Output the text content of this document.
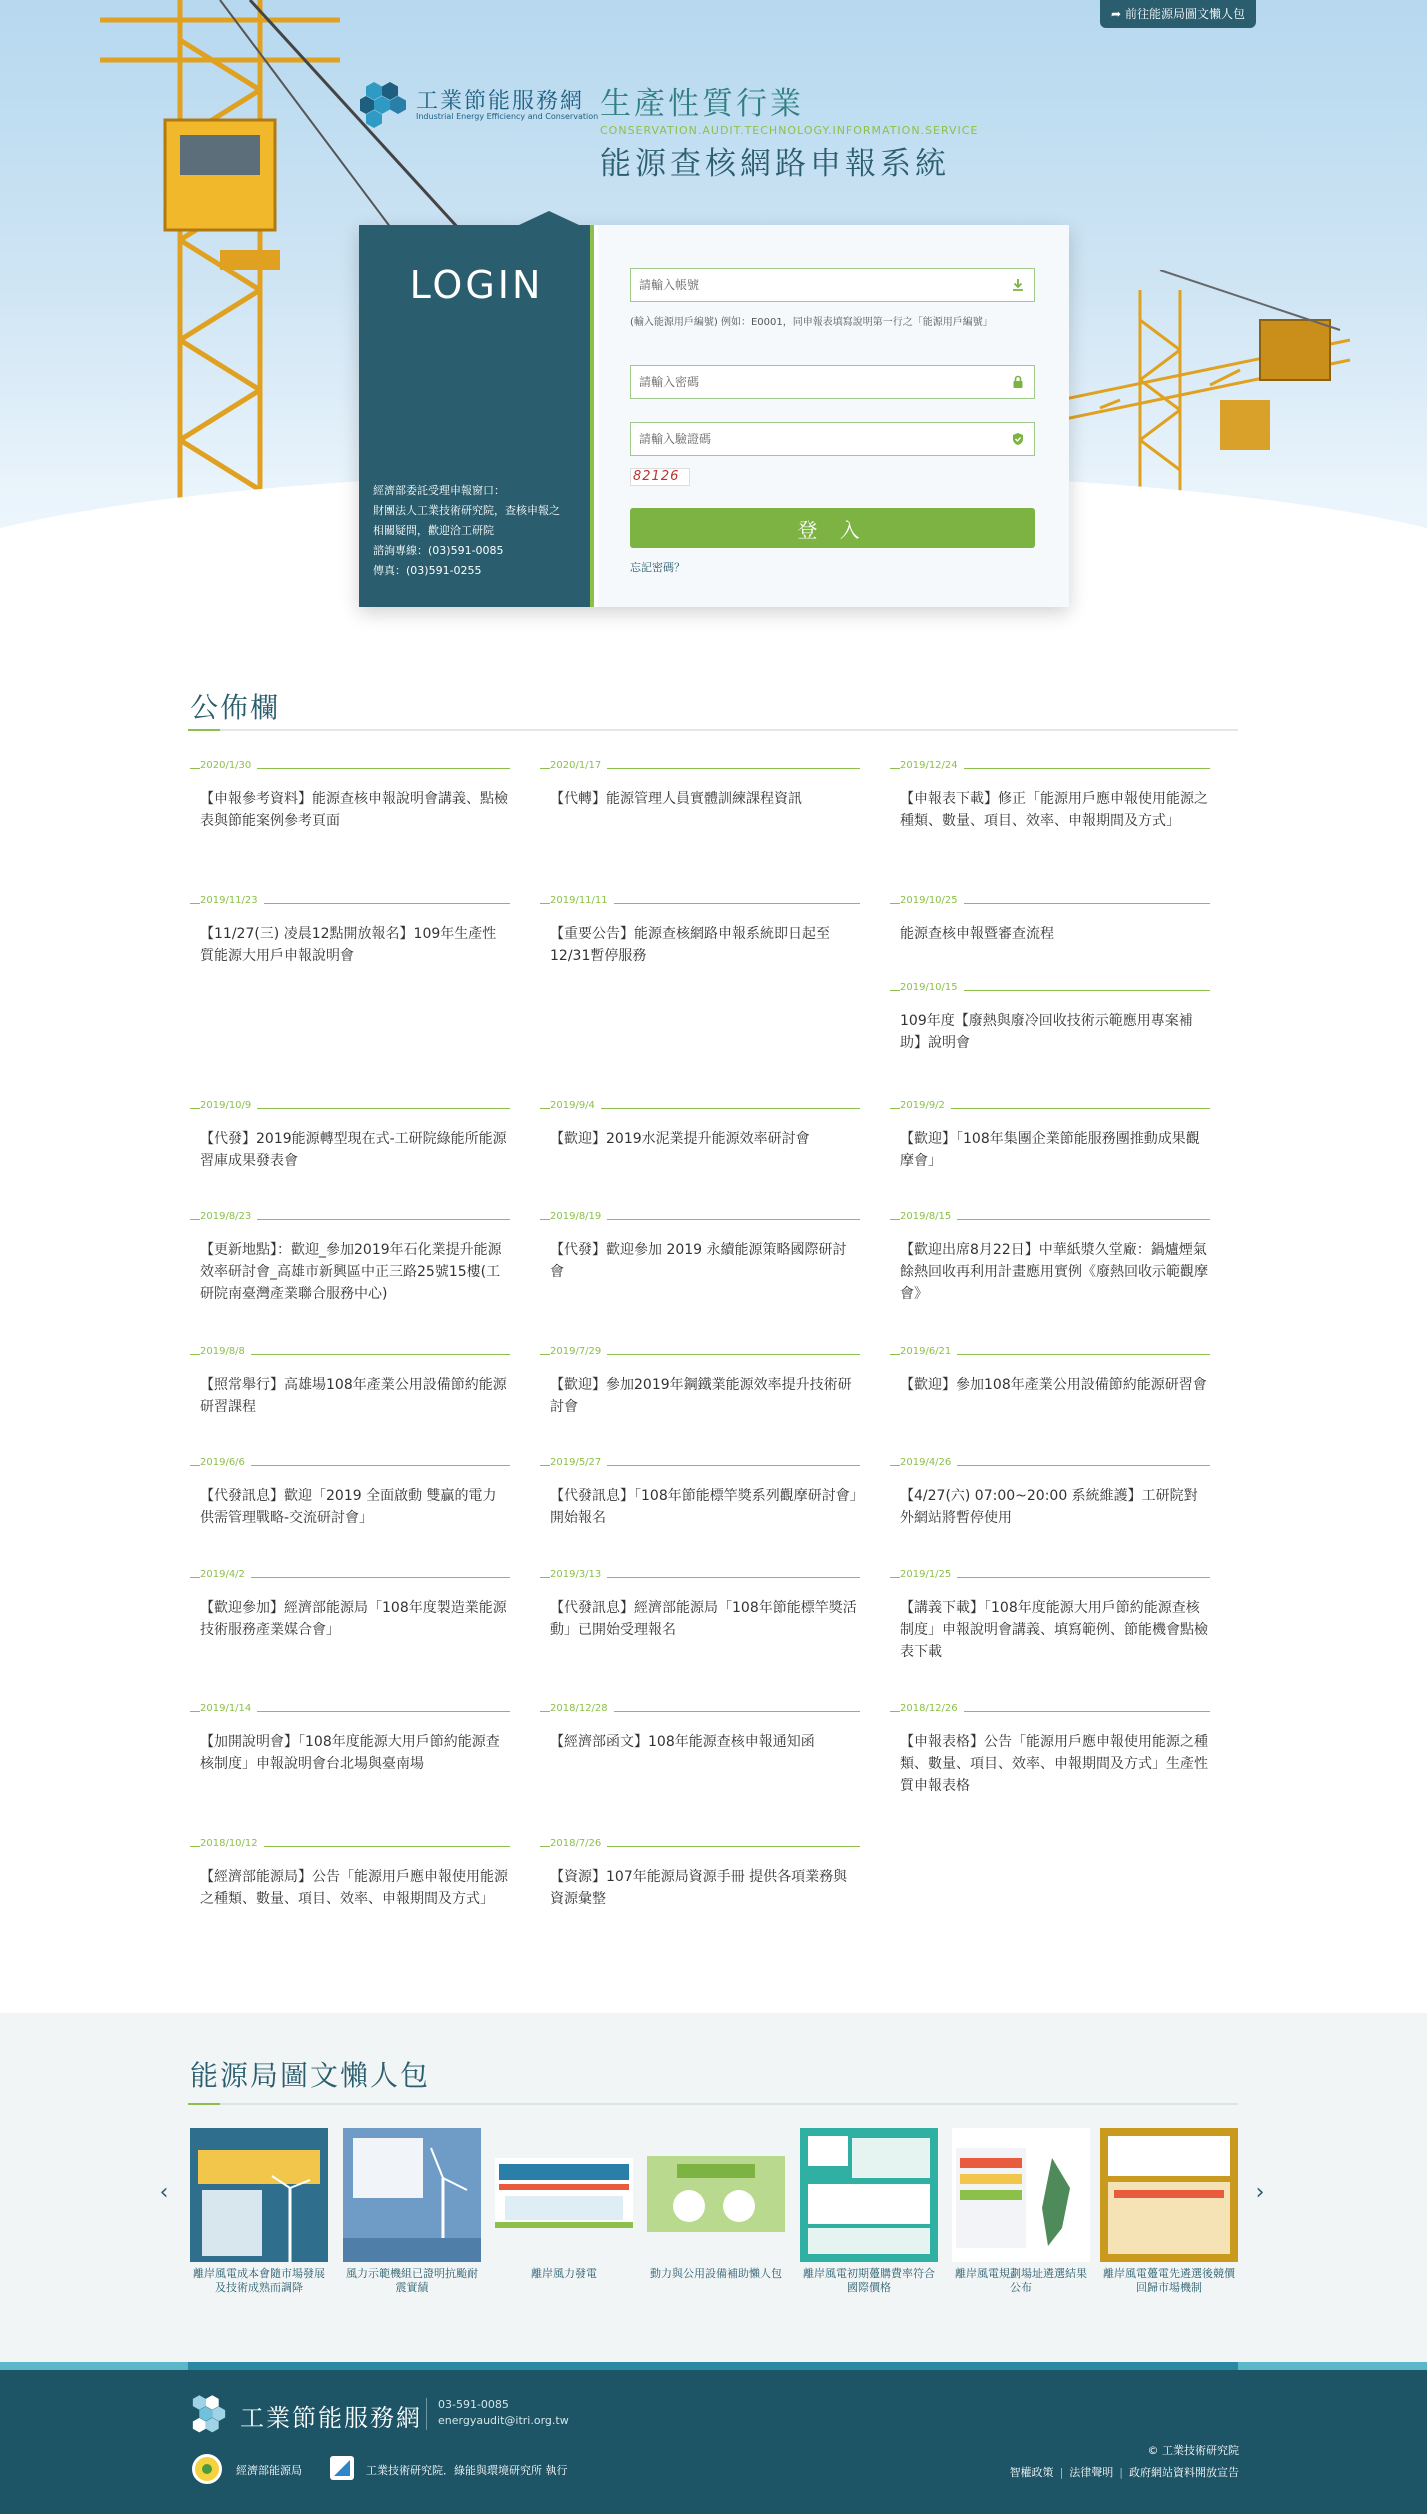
➦ 前往能源局圖文懶人包
工業節能服務網
Industrial Energy Efficiency and Conservation 生產性質行業
CONSERVATION.AUDIT.TECHNOLOGY.INFORMATION.SERVICE
能源查核網路申報系統
LOGIN
經濟部委託受理申報窗口：
財團法人工業技術研究院，查核申報之
相關疑問，歡迎洽工研院
諮詢專線：(03)591-0085
傳真：(03)591-0255
請輸入帳號
(輸入能源用戶編號) 例如：E0001，同申報表填寫說明第一行之「能源用戶編號」
請輸入驗證碼
82126
登 入
忘記密碼？
公佈欄
2020/1/30
【申報參考資料】能源查核申報說明會講義、點檢表與節能案例參考頁面
2020/1/17
【代轉】能源管理人員實體訓練課程資訊
2019/12/24
【申報表下載】修正「能源用戶應申報使用能源之種類、數量、項目、效率、申報期間及方式」
2019/11/23
【11/27(三) 凌晨12點開放報名】109年生產性質能源大用戶申報說明會
2019/11/11
【重要公告】能源查核網路申報系統即日起至12/31暫停服務
2019/10/25
能源查核申報暨審查流程
2019/10/15
109年度【廢熱與廢冷回收技術示範應用專案補助】說明會
2019/10/9
【代發】2019能源轉型現在式-工研院綠能所能源習庫成果發表會
2019/9/4
【歡迎】2019水泥業提升能源效率研討會
2019/9/2
【歡迎】「108年集團企業節能服務團推動成果觀摩會」
2019/8/23
【更新地點】：歡迎_參加2019年石化業提升能源效率研討會_高雄市新興區中正三路25號15樓(工研院南臺灣產業聯合服務中心)
2019/8/19
【代發】歡迎參加 2019 永續能源策略國際研討會
2019/8/15
【歡迎出席8月22日】中華紙漿久堂廠：鍋爐煙氣餘熱回收再利用計畫應用實例《廢熱回收示範觀摩會》
2019/8/8
【照常舉行】高雄場108年產業公用設備節約能源研習課程
2019/7/29
【歡迎】參加2019年鋼鐵業能源效率提升技術研討會
2019/6/21
【歡迎】參加108年產業公用設備節約能源研習會
2019/6/6
【代發訊息】歡迎「2019 全面啟動 雙贏的電力供需管理戰略-交流研討會」
2019/5/27
【代發訊息】「108年節能標竿獎系列觀摩研討會」開始報名
2019/4/26
【4/27(六) 07:00~20:00 系統維護】工研院對外網站將暫停使用
2019/4/2
【歡迎參加】經濟部能源局「108年度製造業能源技術服務產業媒合會」
2019/3/13
【代發訊息】經濟部能源局「108年節能標竿獎活動」已開始受理報名
2019/1/25
【講義下載】「108年度能源大用戶節約能源查核制度」申報說明會講義、填寫範例、節能機會點檢表下載
2019/1/14
【加開說明會】「108年度能源大用戶節約能源查核制度」申報說明會台北場與臺南場
2018/12/28
【經濟部函文】108年能源查核申報通知函
2018/12/26
【申報表格】公告「能源用戶應申報使用能源之種類、數量、項目、效率、申報期間及方式」生產性質申報表格
2018/10/12
【經濟部能源局】公告「能源用戶應申報使用能源之種類、數量、項目、效率、申報期間及方式」
2018/7/26
【資源】107年能源局資源手冊 提供各項業務與資源彙整
能源局圖文懶人包
‹	›
離岸風電成本會隨市場發展及技術成熟而調降
風力示範機組已證明抗颱耐震實績
離岸風力發電	動力與公用設備補助懶人包 離岸風電初期躉購費率符合國際價格
離岸風電規劃場址遴選結果公布
離岸風電躉電先遴選後競價回歸市場機制
工業節能服務網 03-591-0085
energyaudit@itri.org.tw
經濟部能源局	工業技術研究院．綠能與環境研究所 執行
© 工業技術研究院
智權政策 | 法律聲明 | 政府網站資料開放宣告
